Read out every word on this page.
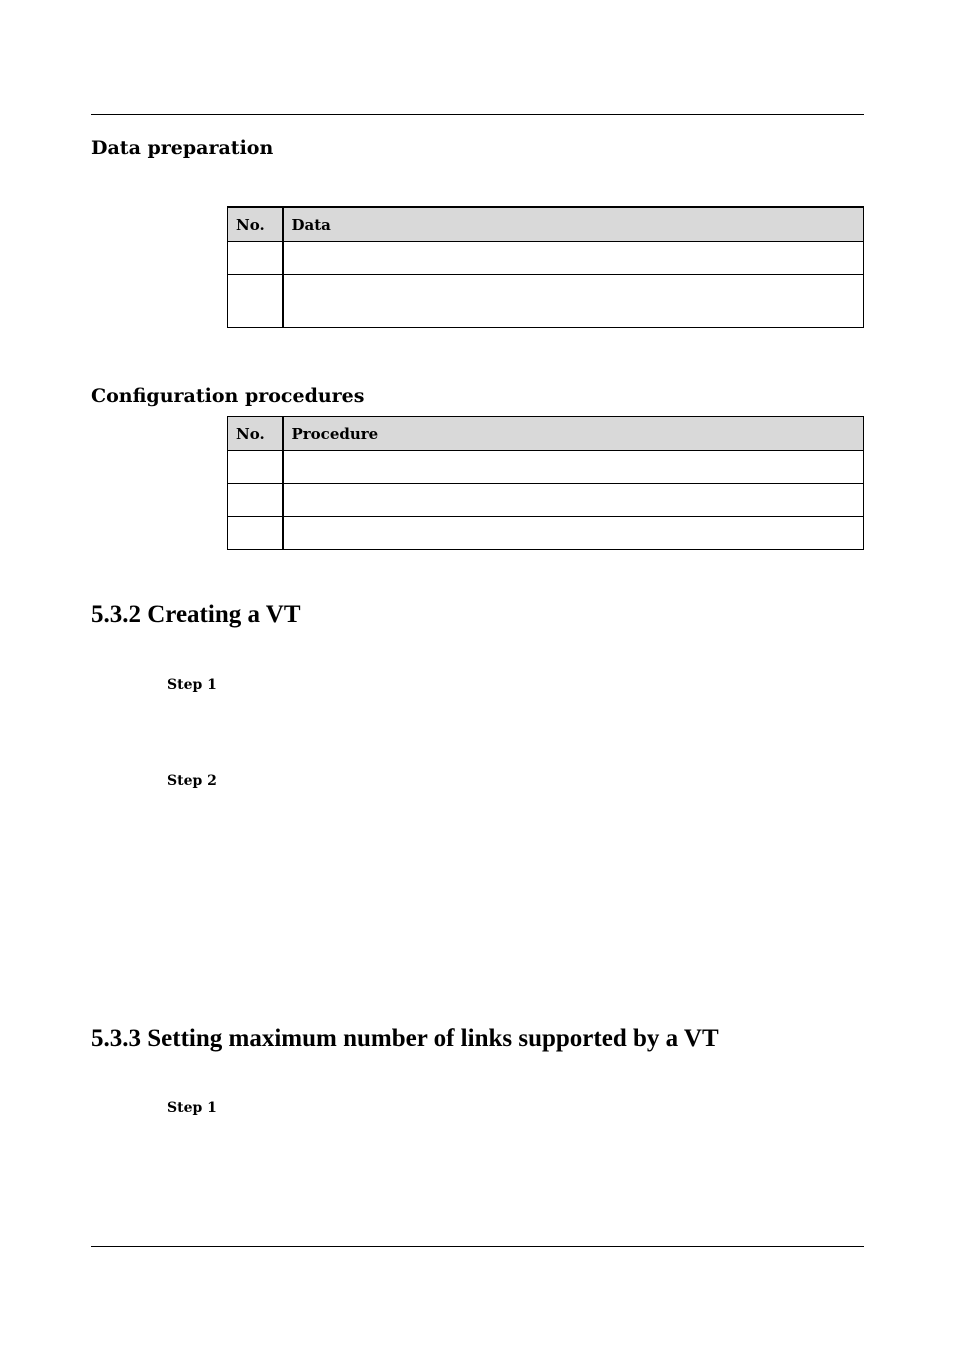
Data preparation
No.	Data

Configuration procedures
No.	Procedure

5.3.2 Creating a VT
Step 1
Step 2
5.3.3 Setting maximum number of links supported by a VT
Step 1
